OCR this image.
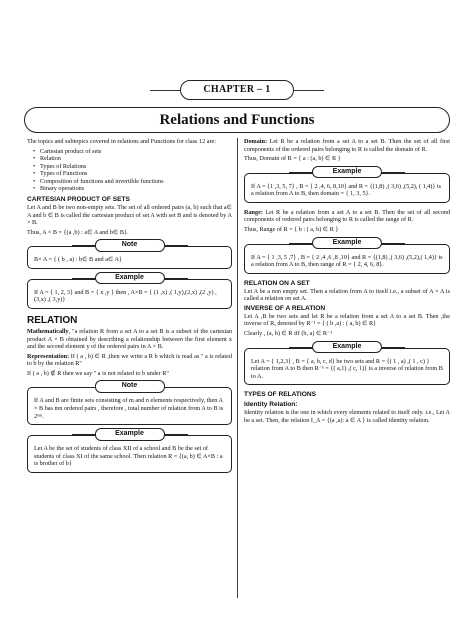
CHAPTER – 1
Relations and Functions

The topics and subtopics covered in relations and Functions for class 12 are:

• Cartesian product of sets
• Relation
• Types of Relations
• Types of Functions
• Composition of functions and invertible functions
• Binary operations
CARTESIAN PRODUCT OF SETS

Let A and B be two non-empty sets. The set of all ordered pairs (a, b) such that a∈ A and b ∈ B is called the cartesian product of set A with set B and is denoted by A × B.

Thus, A × B = {(a ,b) : a∈ A and b∈ B}.

Note
B× A = { ( b , a) : b∈ B and a∈ A}
Example
If A = { 1, 2, 3} and B = { x ,y } then , A×B = { (1 ,x) ,( 1,y),(2,x) ,(2 ,y) ,(3,x) ,( 3,y)}
RELATION

Mathematically, "a relation R from a set A to a set B is a subset of the cartesian product A × B obtained by describing a relationship between the first element x and the second element y of the ordered pairs in A × B.

Representation: If ( a , b) ∈ R ,then we write a R b which is read as " a is related to b by the relation R"

If ( a , b) ∉ R then we say " a is not related to b under R"

Note
If A and B are finite sets consisting of m and n elements respectively, then A × B has mn ordered pairs , therefore , total number of relation from A to B is 2ᵐⁿ.
Example
Let A be the set of students of class XII of a school and B be the set of students of class XI of the same school. Then relation R = {(a, b) ∈ A×B : a is brother of b}

Domain: Let R be a relation from a set A to a set B. Then the set of all first components of the ordered pairs belonging to R is called the domain of R.

Thus, Domain of R = { a : (a, b) ∈ R }

Example
If A = {1 ,3, 5, 7} , B = { 2 ,4, 6, 8,10} and R = {(1,8) ,( 3,6) ,(5,2), ( 1,4)} is a relation from A to B, then domain = { 1, 3, 5}.

Range: Let R be a relation from a set A to a set B. Then the set of all second components of ordered pairs belonging to R is called the range of R.

Thus, Range of R = { b : ( a, b) ∈ R }

Example
If A = { 1 ,3, 5 ,7} , B = { 2 ,4 ,6 ,8 ,10} and R = {(1,8) ,( 3,6) ,(5,2),( 1,4)} is a relation from A to B, then range of R = { 2, 4, 6, 8}.
RELATION ON A SET

Let A be a non empty set. Then a relation from A to itself i.e., a subset of A × A is called a relation on set A.

INVERSE OF A RELATION

Let A ,B be two sets and let R be a relation from a set A to a set B. Then ,the inverse of R, denoted by R⁻¹ = { ( b ,a) : ( a, b) ∈ R}

Clearly , (a, b) ∈ R iff (b, a) ∈ R⁻¹

Example
Let A = { 1,2,3} , B = { a, b, c, d} be two sets and R = {( 1 , a) ,( 1 , c) } relation from A to B then R⁻¹ = {( a,1) ,( c, 1)} is a inverse of relation from B to A.
TYPES OF RELATIONS
Identity Relation:

Identity relation is the one in which every elements related to itself only. i.e., Let A be a set. Then, the relation I_A = {(a ,a): a ∈ A } is called identity relation.
